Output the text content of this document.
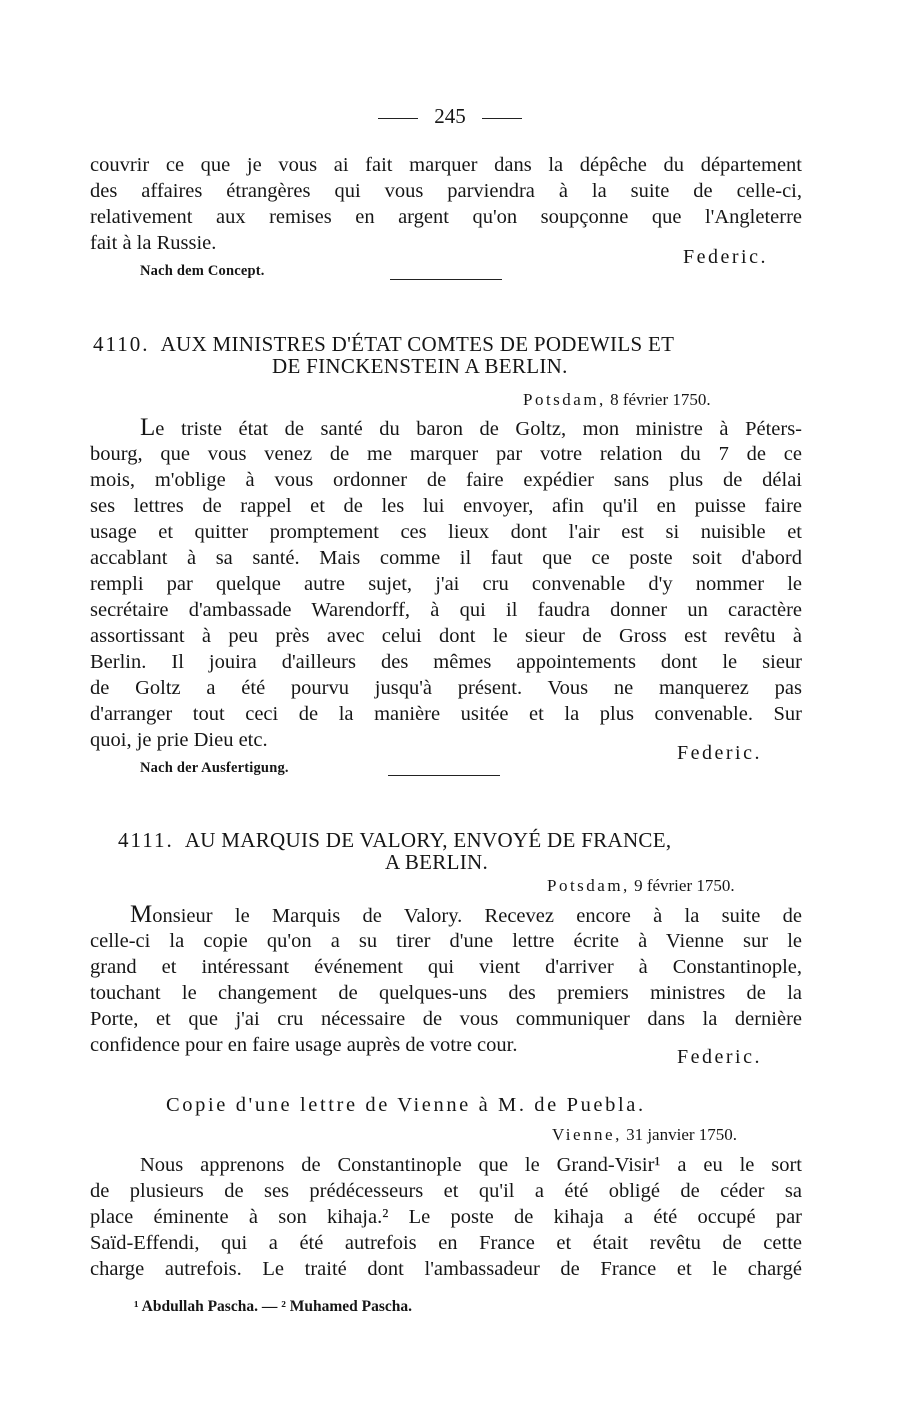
245
couvrir ce que je vous ai fait marquer dans la dépêche du département
des affaires étrangères qui vous parviendra à la suite de celle-ci,
relativement aux remises en argent qu'on soupçonne que l'Angleterre
fait à la Russie.
Federic.
Nach dem Concept.
4110. AUX MINISTRES D'ÉTAT COMTES DE PODEWILS ET
DE FINCKENSTEIN A BERLIN.
Potsdam, 8 février 1750.
Le triste état de santé du baron de Goltz, mon ministre à Péters-
bourg, que vous venez de me marquer par votre relation du 7 de ce
mois, m'oblige à vous ordonner de faire expédier sans plus de délai
ses lettres de rappel et de les lui envoyer, afin qu'il en puisse faire
usage et quitter promptement ces lieux dont l'air est si nuisible et
accablant à sa santé. Mais comme il faut que ce poste soit d'abord
rempli par quelque autre sujet, j'ai cru convenable d'y nommer le
secrétaire d'ambassade Warendorff, à qui il faudra donner un caractère
assortissant à peu près avec celui dont le sieur de Gross est revêtu à
Berlin. Il jouira d'ailleurs des mêmes appointements dont le sieur
de Goltz a été pourvu jusqu'à présent. Vous ne manquerez pas
d'arranger tout ceci de la manière usitée et la plus convenable. Sur
quoi, je prie Dieu etc.
Federic.
Nach der Ausfertigung.
4111. AU MARQUIS DE VALORY, ENVOYÉ DE FRANCE,
A BERLIN.
Potsdam, 9 février 1750.
Monsieur le Marquis de Valory. Recevez encore à la suite de
celle-ci la copie qu'on a su tirer d'une lettre écrite à Vienne sur le
grand et intéressant événement qui vient d'arriver à Constantinople,
touchant le changement de quelques-uns des premiers ministres de la
Porte, et que j'ai cru nécessaire de vous communiquer dans la dernière
confidence pour en faire usage auprès de votre cour.
Federic.
Copie d'une lettre de Vienne à M. de Puebla.
Vienne, 31 janvier 1750.
Nous apprenons de Constantinople que le Grand-Visir¹ a eu le sort
de plusieurs de ses prédécesseurs et qu'il a été obligé de céder sa
place éminente à son kihaja.² Le poste de kihaja a été occupé par
Saïd-Effendi, qui a été autrefois en France et était revêtu de cette
charge autrefois. Le traité dont l'ambassadeur de France et le chargé
¹ Abdullah Pascha. — ² Muhamed Pascha.
